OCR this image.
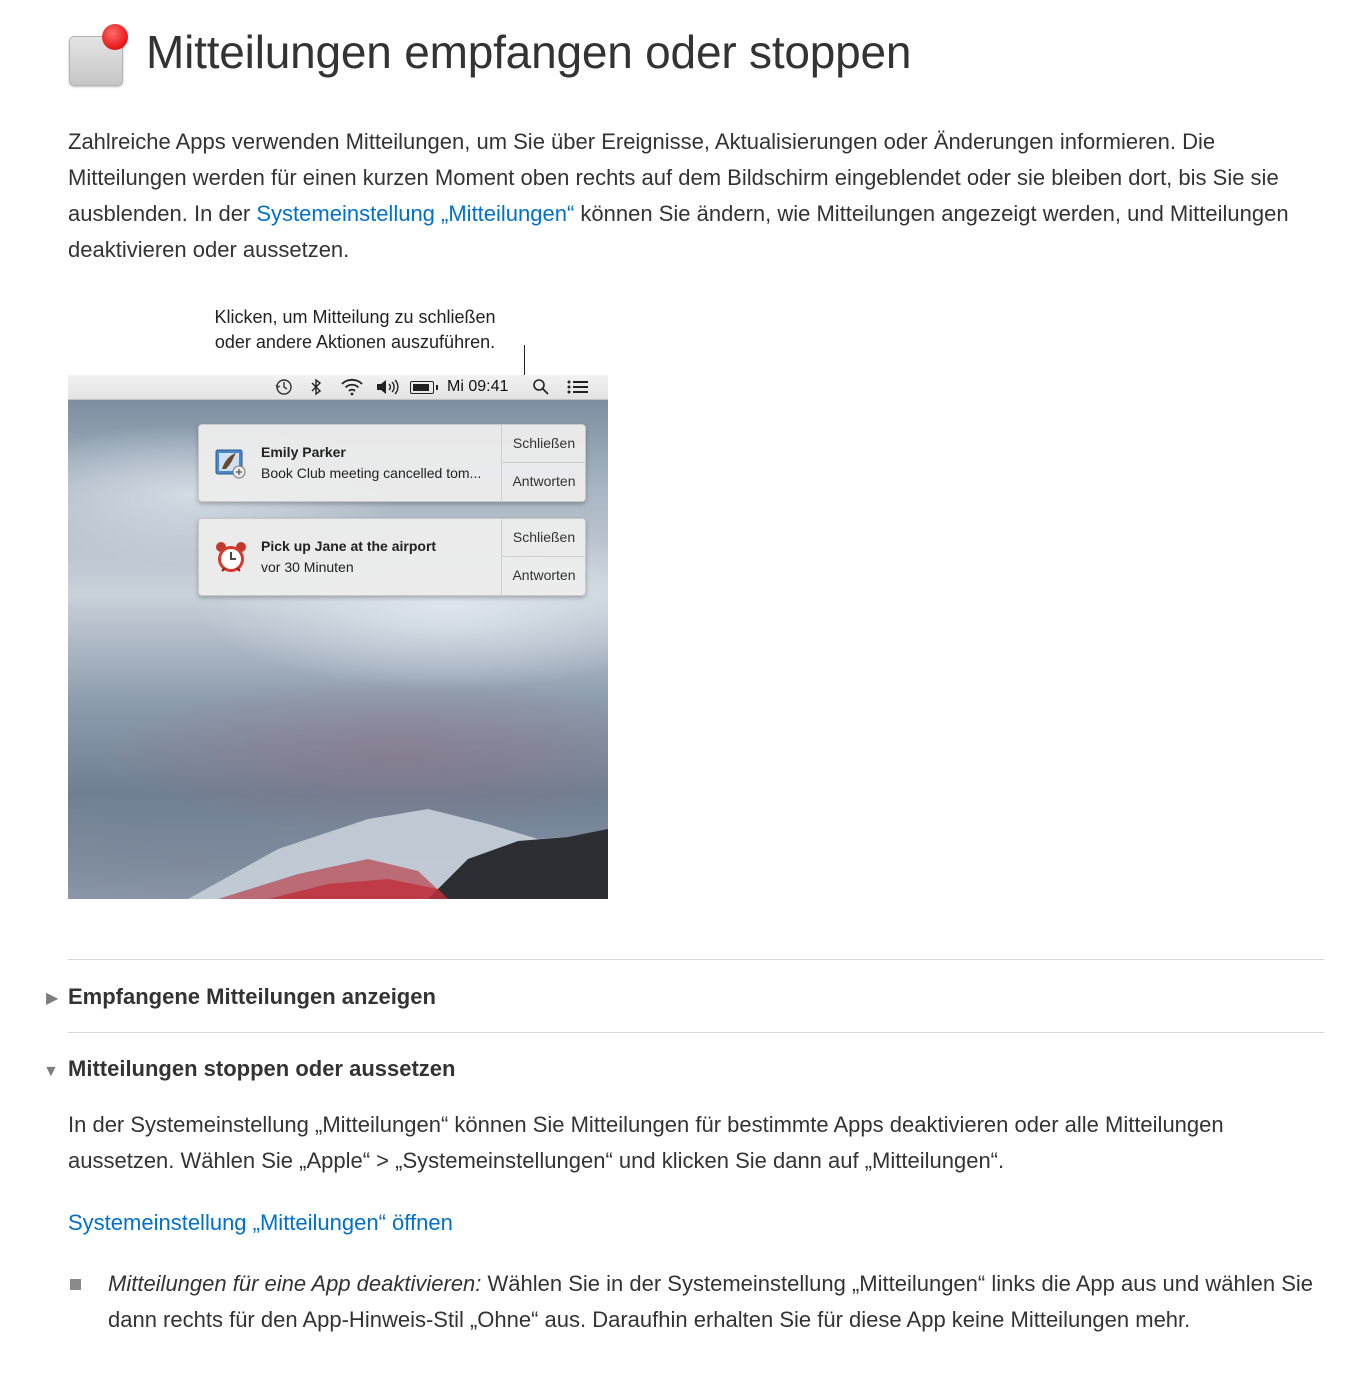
Mitteilungen empfangen oder stoppen

Zahlreiche Apps verwenden Mitteilungen, um Sie über Ereignisse, Aktualisierungen oder Änderungen informieren. Die Mitteilungen werden für einen kurzen Moment oben rechts auf dem Bildschirm eingeblendet oder sie bleiben dort, bis Sie sie ausblenden. In der Systemeinstellung „Mitteilungen“ können Sie ändern, wie Mitteilungen angezeigt werden, und Mitteilungen deaktivieren oder aussetzen.

Klicken, um Mitteilung zu schließen
oder andere Aktionen auszuführen.
Mi 09:41
Emily Parker
Book Club meeting cancelled tom...
Schließen
Antworten
Pick up Jane at the airport
vor 30 Minuten
Schließen
Antworten
▶ Empfangene Mitteilungen anzeigen
▼ Mitteilungen stoppen oder aussetzen

In der Systemeinstellung „Mitteilungen“ können Sie Mitteilungen für bestimmte Apps deaktivieren oder alle Mitteilungen aussetzen. Wählen Sie „Apple“ > „Systemeinstellungen“ und klicken Sie dann auf „Mitteilungen“.

Systemeinstellung „Mitteilungen“ öffnen

Mitteilungen für eine App deaktivieren: Wählen Sie in der Systemeinstellung „Mitteilungen“ links die App aus und wählen Sie dann rechts für den App-Hinweis-Stil „Ohne“ aus. Daraufhin erhalten Sie für diese App keine Mitteilungen mehr.
